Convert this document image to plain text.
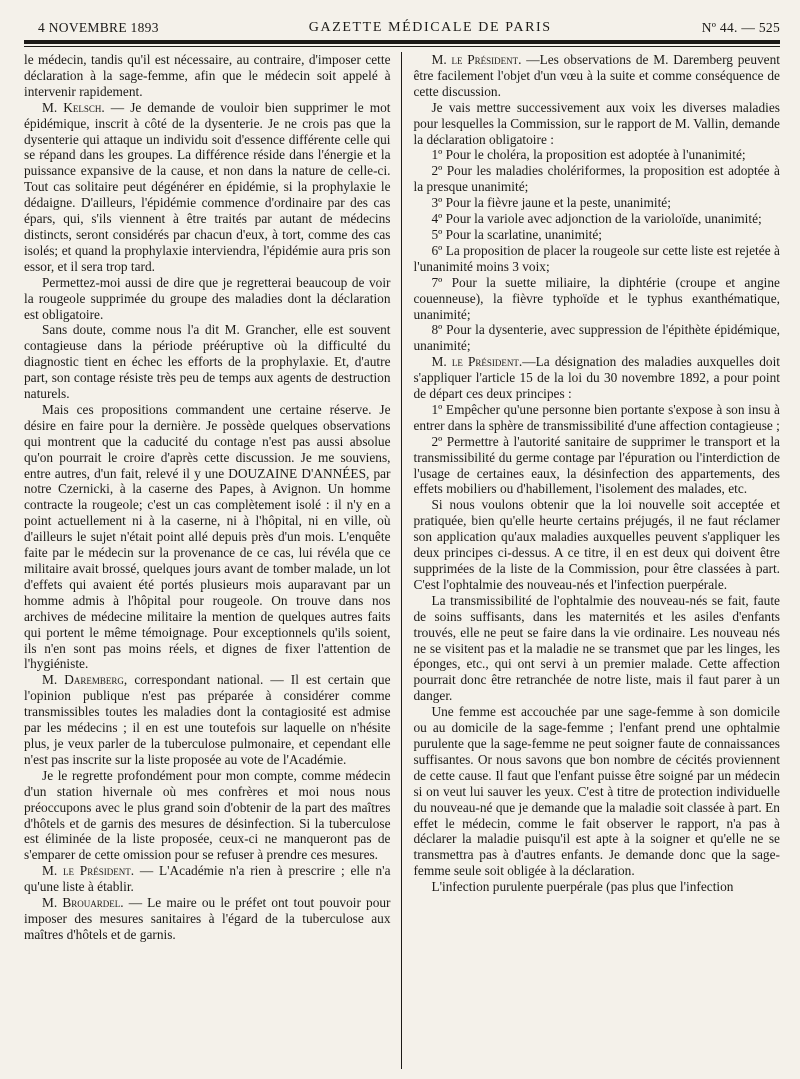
4 NOVEMBRE 1893	GAZETTE MÉDICALE DE PARIS	Nº 44. — 525

le médecin, tandis qu'il est nécessaire, au contraire, d'imposer cette déclaration à la sage-femme, afin que le médecin soit appelé à intervenir rapidement.

M. Kelsch. — Je demande de vouloir bien supprimer le mot épidémique, inscrit à côté de la dysenterie. Je ne crois pas que la dysenterie qui attaque un individu soit d'essence différente celle qui se répand dans les groupes. La différence réside dans l'énergie et la puissance expansive de la cause, et non dans la nature de celle-ci. Tout cas solitaire peut dégénérer en épidémie, si la prophylaxie le dédaigne. D'ailleurs, l'épidémie commence d'ordinaire par des cas épars, qui, s'ils viennent à être traités par autant de médecins distincts, seront considérés par chacun d'eux, à tort, comme des cas isolés; et quand la prophylaxie interviendra, l'épidémie aura pris son essor, et il sera trop tard.

Permettez-moi aussi de dire que je regretterai beaucoup de voir la rougeole supprimée du groupe des maladies dont la déclaration est obligatoire.

Sans doute, comme nous l'a dit M. Grancher, elle est souvent contagieuse dans la période prééruptive où la difficulté du diagnostic tient en échec les efforts de la prophylaxie. Et, d'autre part, son contage résiste très peu de temps aux agents de destruction naturels.

Mais ces propositions commandent une certaine réserve. Je désire en faire pour la dernière. Je possède quelques observations qui montrent que la caducité du contage n'est pas aussi absolue qu'on pourrait le croire d'après cette discussion. Je me souviens, entre autres, d'un fait, relevé il y une DOUZAINE D'ANNÉES, par notre Czernicki, à la caserne des Papes, à Avignon. Un homme contracte la rougeole; c'est un cas complètement isolé : il n'y en a point actuellement ni à la caserne, ni à l'hôpital, ni en ville, où d'ailleurs le sujet n'était point allé depuis près d'un mois. L'enquête faite par le médecin sur la provenance de ce cas, lui révéla que ce militaire avait brossé, quelques jours avant de tomber malade, un lot d'effets qui avaient été portés plusieurs mois auparavant par un homme admis à l'hôpital pour rougeole. On trouve dans nos archives de médecine militaire la mention de quelques autres faits qui portent le même témoignage. Pour exceptionnels qu'ils soient, ils n'en sont pas moins réels, et dignes de fixer l'attention de l'hygiéniste.

M. Daremberg, correspondant national. — Il est certain que l'opinion publique n'est pas préparée à considérer comme transmissibles toutes les maladies dont la contagiosité est admise par les médecins ; il en est une toutefois sur laquelle on n'hésite plus, je veux parler de la tuberculose pulmonaire, et cependant elle n'est pas inscrite sur la liste proposée au vote de l'Académie.

Je le regrette profondément pour mon compte, comme médecin d'un station hivernale où mes confrères et moi nous nous préoccupons avec le plus grand soin d'obtenir de la part des maîtres d'hôtels et de garnis des mesures de désinfection. Si la tuberculose est éliminée de la liste proposée, ceux-ci ne manqueront pas de s'emparer de cette omission pour se refuser à prendre ces mesures.

M. le Président. — L'Académie n'a rien à prescrire ; elle n'a qu'une liste à établir.

M. Brouardel. — Le maire ou le préfet ont tout pouvoir pour imposer des mesures sanitaires à l'égard de la tuberculose aux maîtres d'hôtels et de garnis.

M. le Président. —Les observations de M. Daremberg peuvent être facilement l'objet d'un vœu à la suite et comme conséquence de cette discussion.

Je vais mettre successivement aux voix les diverses maladies pour lesquelles la Commission, sur le rapport de M. Vallin, demande la déclaration obligatoire :

1º Pour le choléra, la proposition est adoptée à l'unanimité;

2º Pour les maladies cholériformes, la proposition est adoptée à la presque unanimité;

3º Pour la fièvre jaune et la peste, unanimité;

4º Pour la variole avec adjonction de la varioloïde, unanimité;

5º Pour la scarlatine, unanimité;

6º La proposition de placer la rougeole sur cette liste est rejetée à l'unanimité moins 3 voix;

7º Pour la suette miliaire, la diphtérie (croupe et angine couenneuse), la fièvre typhoïde et le typhus exanthématique, unanimité;

8º Pour la dysenterie, avec suppression de l'épithète épidémique, unanimité;

M. le Président.—La désignation des maladies auxquelles doit s'appliquer l'article 15 de la loi du 30 novembre 1892, a pour point de départ ces deux principes :

1º Empêcher qu'une personne bien portante s'expose à son insu à entrer dans la sphère de transmissibilité d'une affection contagieuse ;

2º Permettre à l'autorité sanitaire de supprimer le transport et la transmissibilité du germe contage par l'épuration ou l'interdiction de l'usage de certaines eaux, la désinfection des appartements, des effets mobiliers ou d'habillement, l'isolement des malades, etc.

Si nous voulons obtenir que la loi nouvelle soit acceptée et pratiquée, bien qu'elle heurte certains préjugés, il ne faut réclamer son application qu'aux maladies auxquelles peuvent s'appliquer les deux principes ci-dessus. A ce titre, il en est deux qui doivent être supprimées de la liste de la Commission, pour être classées à part. C'est l'ophtalmie des nouveau-nés et l'infection puerpérale.

La transmissibilité de l'ophtalmie des nouveau-nés se fait, faute de soins suffisants, dans les maternités et les asiles d'enfants trouvés, elle ne peut se faire dans la vie ordinaire. Les nouveau nés ne se visitent pas et la maladie ne se transmet que par les linges, les éponges, etc., qui ont servi à un premier malade. Cette affection pourrait donc être retranchée de notre liste, mais il faut parer à un danger.

Une femme est accouchée par une sage-femme à son domicile ou au domicile de la sage-femme ; l'enfant prend une ophtalmie purulente que la sage-femme ne peut soigner faute de connaissances suffisantes. Or nous savons que bon nombre de cécités proviennent de cette cause. Il faut que l'enfant puisse être soigné par un médecin si on veut lui sauver les yeux. C'est à titre de protection individuelle du nouveau-né que je demande que la maladie soit classée à part. En effet le médecin, comme le fait observer le rapport, n'a pas à déclarer la maladie puisqu'il est apte à la soigner et qu'elle ne se transmettra pas à d'autres enfants. Je demande donc que la sage-femme seule soit obligée à la déclaration.

L'infection purulente puerpérale (pas plus que l'infection
